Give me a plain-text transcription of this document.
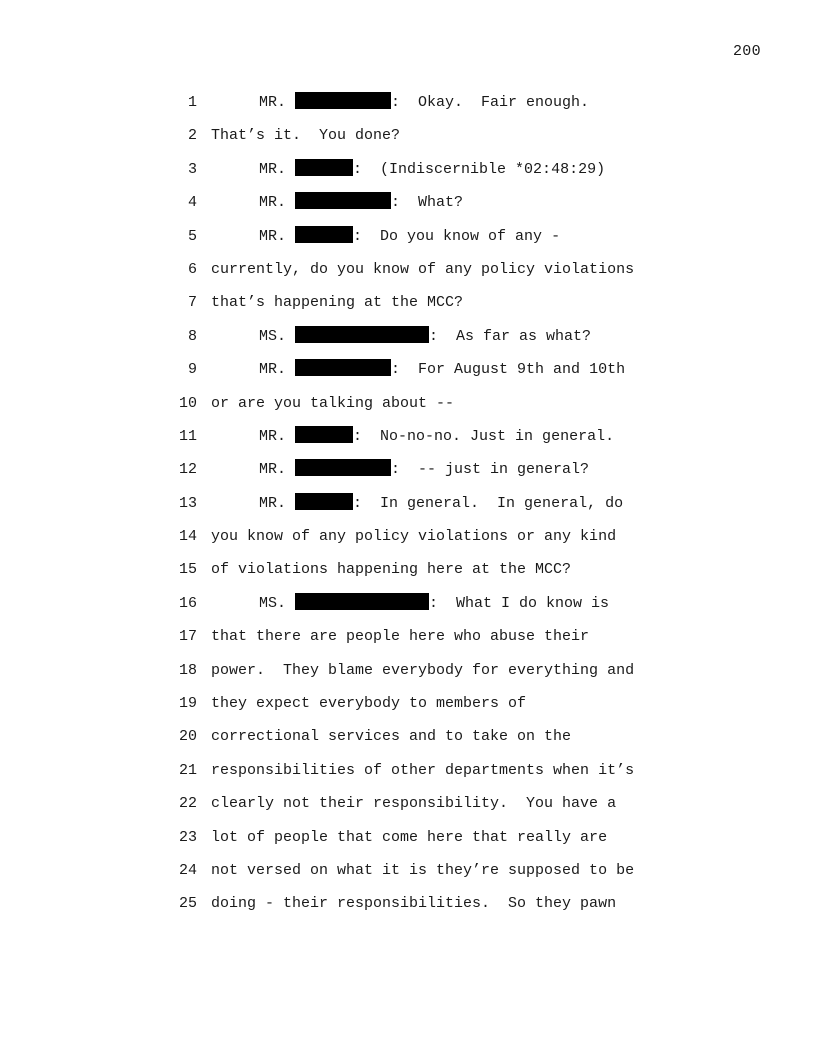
200
1	MR.	:  Okay.  Fair enough.
2 That’s it.  You done?
3	MR.	:  (Indiscernible *02:48:29)
4	MR.	:  What?
5	MR.	:  Do you know of any -
6 currently, do you know of any policy violations
7 that’s happening at the MCC?
8	MS.	:  As far as what?
9	MR.	:  For August 9th and 10th
10 or are you talking about --
11	MR.	:  No-no-no. Just in general.
12	MR.	:  -- just in general?
13	MR.	:  In general.  In general, do
14 you know of any policy violations or any kind
15 of violations happening here at the MCC?
16	MS.	:  What I do know is
17 that there are people here who abuse their
18 power.  They blame everybody for everything and
19 they expect everybody to members of
20 correctional services and to take on the
21 responsibilities of other departments when it’s
22 clearly not their responsibility.  You have a
23 lot of people that come here that really are
24 not versed on what it is they’re supposed to be
25 doing - their responsibilities.  So they pawn
